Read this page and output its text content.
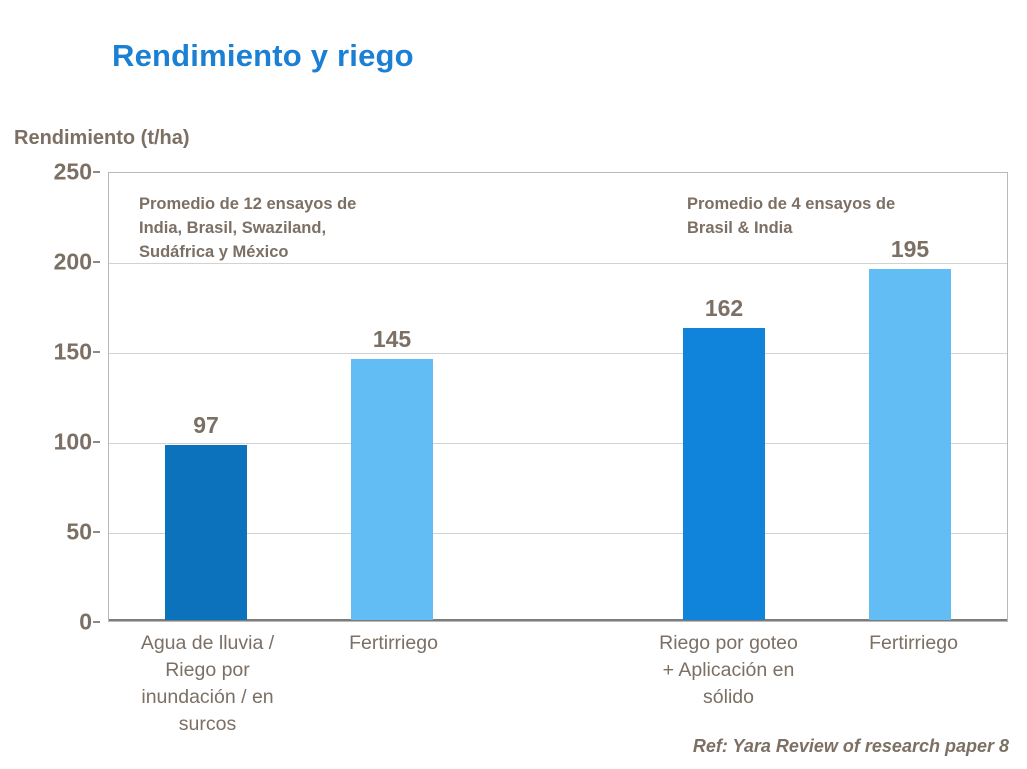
Rendimiento y riego
Rendimiento (t/ha)
250
200
150
100
50
0
Promedio de 12 ensayos de
India, Brasil, Swaziland,
Sudáfrica y México
Promedio de 4 ensayos de
Brasil & India
97
145
162
195
Agua de lluvia /
Riego por
inundación / en
surcos
Fertirriego	Riego por goteo
+ Aplicación en
sólido
Fertirriego
Ref: Yara Review of research paper 8
